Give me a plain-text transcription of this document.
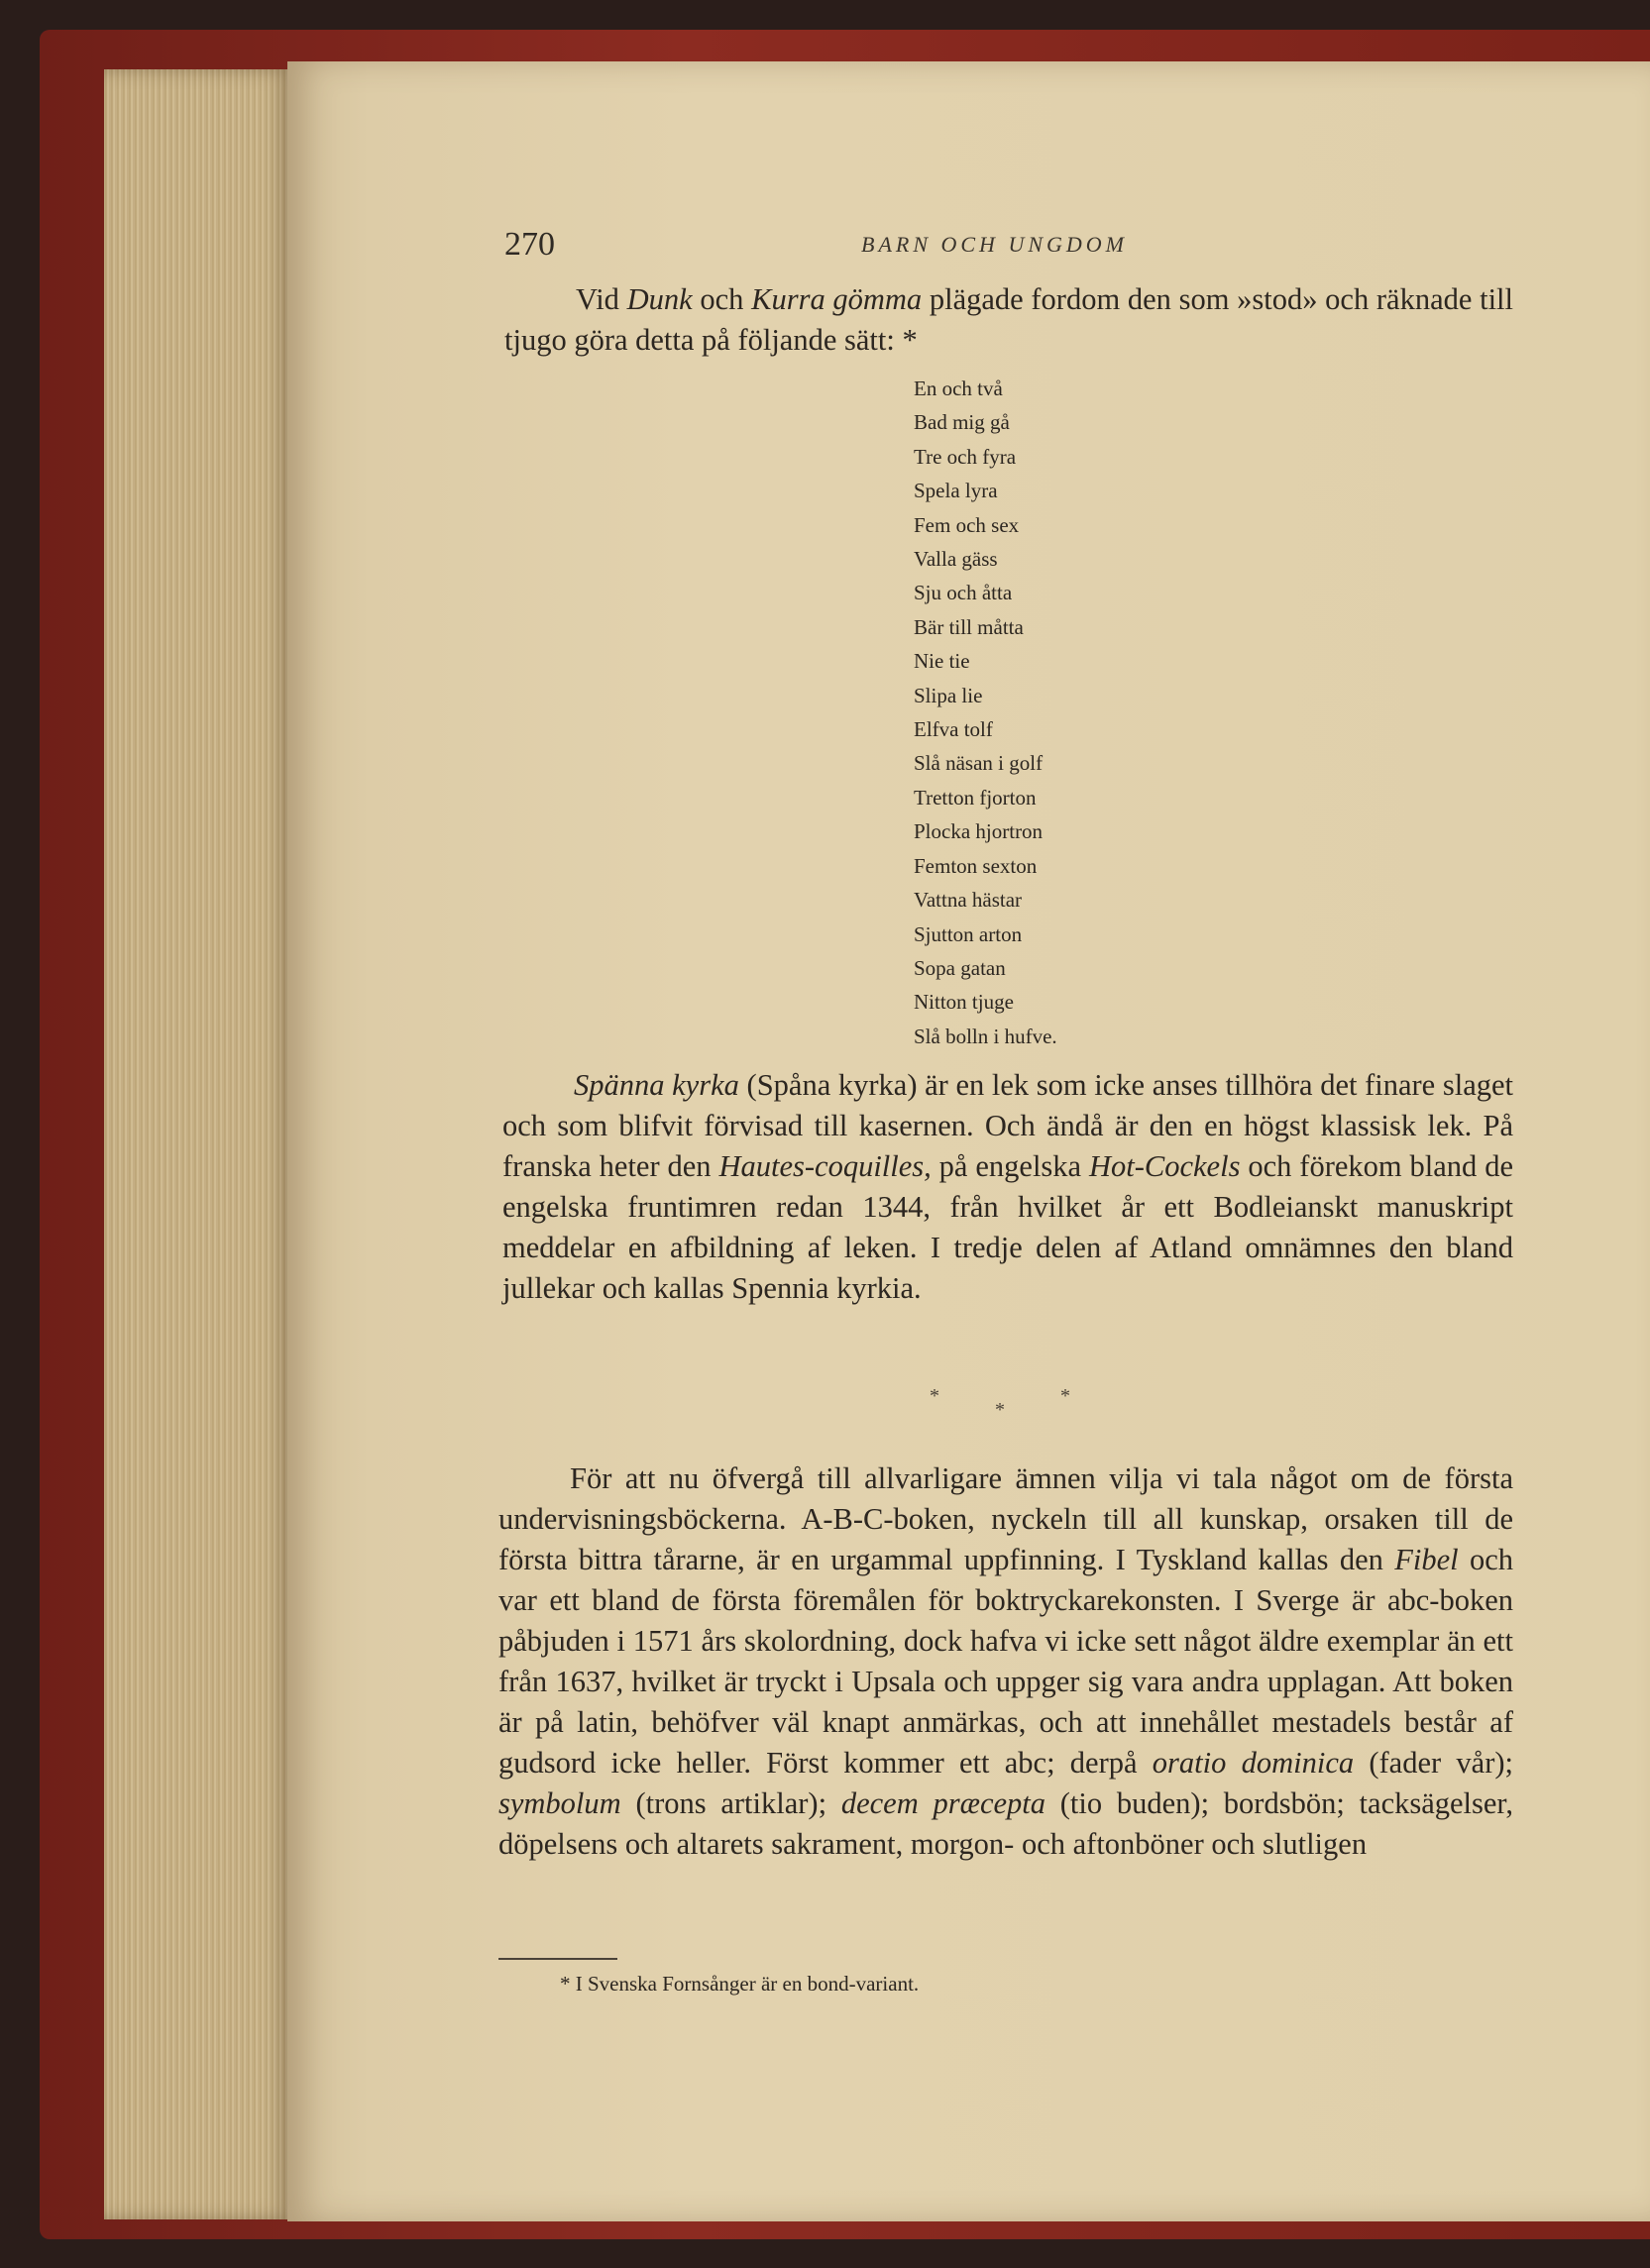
270	BARN OCH UNGDOM

Vid Dunk och Kurra gömma plägade fordom den som »stod» och räknade till tjugo göra detta på följande sätt: *

En och två
Bad mig gå
Tre och fyra
Spela lyra
Fem och sex
Valla gäss
Sju och åtta
Bär till måtta
Nie tie
Slipa lie
Elfva tolf
Slå näsan i golf
Tretton fjorton
Plocka hjortron
Femton sexton
Vattna hästar
Sjutton arton
Sopa gatan
Nitton tjuge
Slå bolln i hufve.

Spänna kyrka (Spåna kyrka) är en lek som icke anses tillhöra det finare slaget och som blifvit förvisad till kasernen. Och ändå är den en högst klassisk lek. På franska heter den Hautes-coquilles, på engelska Hot-Cockels och förekom bland de engelska fruntimren redan 1344, från hvilket år ett Bodleianskt manuskript meddelar en afbildning af leken. I tredje delen af Atland omnämnes den bland jullekar och kallas Spennia kyrkia.

*	*
*

För att nu öfvergå till allvarligare ämnen vilja vi tala något om de första undervisningsböckerna. A-B-C-boken, nyckeln till all kunskap, orsaken till de första bittra tårarne, är en urgammal uppfinning. I Tyskland kallas den Fibel och var ett bland de första föremålen för boktryckarekonsten. I Sverge är abc-boken påbjuden i 1571 års skolordning, dock hafva vi icke sett något äldre exemplar än ett från 1637, hvilket är tryckt i Upsala och uppger sig vara andra upplagan. Att boken är på latin, behöfver väl knapt anmärkas, och att innehållet mestadels består af gudsord icke heller. Först kommer ett abc; derpå oratio dominica (fader vår); symbolum (trons artiklar); decem præcepta (tio buden); bordsbön; tacksägelser, döpelsens och altarets sakrament, morgon- och aftonböner och slutligen

* I Svenska Fornsånger är en bond-variant.
